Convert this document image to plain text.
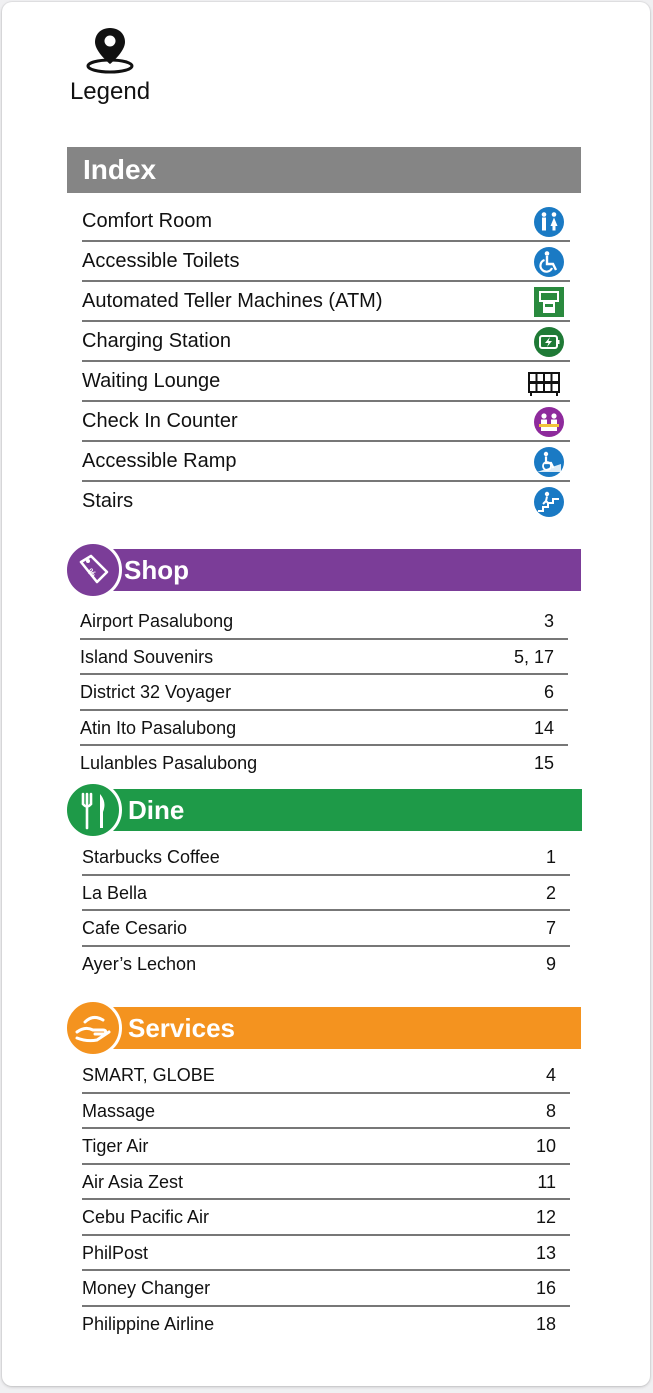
Legend
Index
Comfort Room
Accessible Toilets
Automated Teller Machines (ATM)
Charging Station
Waiting Lounge
Check In Counter
Accessible Ramp
Stairs
% Shop
Airport Pasalubong	3
Island Souvenirs	5, 17
District 32 Voyager	6
Atin Ito Pasalubong	14
Lulanbles Pasalubong	15
Dine
Starbucks Coffee	1
La Bella	2
Cafe Cesario	7
Ayer’s Lechon	9
Services
SMART, GLOBE	4
Massage	8
Tiger Air	10
Air Asia Zest	11
Cebu Pacific Air	12
PhilPost	13
Money Changer	16
Philippine Airline	18
